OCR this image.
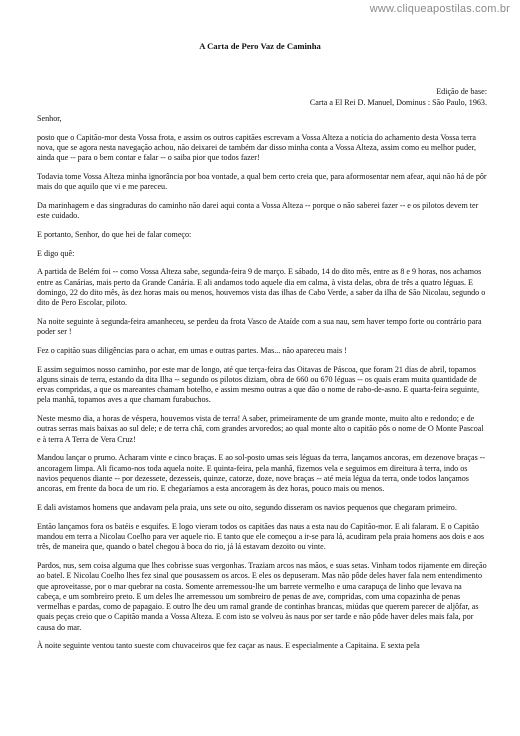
www.cliqueapostilas.com.br
A Carta de Pero Vaz de Caminha
Edição de base:
Carta a El Rei D. Manuel, Dominus : São Paulo, 1963.

Senhor,

posto que o Capitão-mor desta Vossa frota, e assim os outros capitães escrevam a Vossa Alteza a notícia do achamento desta Vossa terra nova, que se agora nesta navegação achou, não deixarei de também dar disso minha conta a Vossa Alteza, assim como eu melhor puder, ainda que -- para o bem contar e falar -- o saiba pior que todos fazer!

Todavia tome Vossa Alteza minha ignorância por boa vontade, a qual bem certo creia que, para aformosentar nem afear, aqui não há de pôr mais do que aquilo que vi e me pareceu.

Da marinhagem e das singraduras do caminho não darei aqui conta a Vossa Alteza -- porque o não saberei fazer -- e os pilotos devem ter este cuidado.

E portanto, Senhor, do que hei de falar começo:

E digo quê:

A partida de Belém foi -- como Vossa Alteza sabe, segunda-feira 9 de março. E sábado, 14 do dito mês, entre as 8 e 9 horas, nos achamos entre as Canárias, mais perto da Grande Canária. E ali andamos todo aquele dia em calma, à vista delas, obra de três a quatro léguas. E domingo, 22 do dito mês, às dez horas mais ou menos, houvemos vista das ilhas de Cabo Verde, a saber da ilha de São Nicolau, segundo o dito de Pero Escolar, piloto.

Na noite seguinte à segunda-feira amanheceu, se perdeu da frota Vasco de Ataíde com a sua nau, sem haver tempo forte ou contrário para poder ser !

Fez o capitão suas diligências para o achar, em umas e outras partes. Mas... não apareceu mais !

E assim seguimos nosso caminho, por este mar de longo, até que terça-feira das Oitavas de Páscoa, que foram 21 dias de abril, topamos alguns sinais de terra, estando da dita Ilha -- segundo os pilotos diziam, obra de 660 ou 670 léguas -- os quais eram muita quantidade de ervas compridas, a que os mareantes chamam botelho, e assim mesmo outras a que dão o nome de rabo-de-asno. E quarta-feira seguinte, pela manhã, topamos aves a que chamam furabuchos.

Neste mesmo dia, a horas de véspera, houvemos vista de terra! A saber, primeiramente de um grande monte, muito alto e redondo; e de outras serras mais baixas ao sul dele; e de terra chã, com grandes arvoredos; ao qual monte alto o capitão pôs o nome de O Monte Pascoal e à terra A Terra de Vera Cruz!

Mandou lançar o prumo. Acharam vinte e cinco braças. E ao sol-posto umas seis léguas da terra, lançamos ancoras, em dezenove braças -- ancoragem limpa. Ali ficamo-nos toda aquela noite. E quinta-feira, pela manhã, fizemos vela e seguimos em direitura à terra, indo os navios pequenos diante -- por dezessete, dezesseis, quinze, catorze, doze, nove braças -- até meia légua da terra, onde todos lançamos ancoras, em frente da boca de um rio. E chegaríamos a esta ancoragem às dez horas, pouco mais ou menos.

E dali avistamos homens que andavam pela praia, uns sete ou oito, segundo disseram os navios pequenos que chegaram primeiro.

Então lançamos fora os batéis e esquifes. E logo vieram todos os capitães das naus a esta nau do Capitão-mor. E ali falaram. E o Capitão mandou em terra a Nicolau Coelho para ver aquele rio. E tanto que ele começou a ir-se para lá, acudiram pela praia homens aos dois e aos três, de maneira que, quando o batel chegou à boca do rio, já lá estavam dezoito ou vinte.

Pardos, nus, sem coisa alguma que lhes cobrisse suas vergonhas. Traziam arcos nas mãos, e suas setas. Vinham todos rijamente em direção ao batel. E Nicolau Coelho lhes fez sinal que pousassem os arcos. E eles os depuseram. Mas não pôde deles haver fala nem entendimento que aproveitasse, por o mar quebrar na costa. Somente arremessou-lhe um barrete vermelho e uma carapuça de linho que levava na cabeça, e um sombreiro preto. E um deles lhe arremessou um sombreiro de penas de ave, compridas, com uma copazinha de penas vermelhas e pardas, como de papagaio. E outro lhe deu um ramal grande de continhas brancas, miúdas que querem parecer de aljôfar, as quais peças creio que o Capitão manda a Vossa Alteza. E com isto se volveu às naus por ser tarde e não pôde haver deles mais fala, por causa do mar.

À noite seguinte ventou tanto sueste com chuvaceiros que fez caçar as naus. E especialmente a Capitaina. E sexta pela
